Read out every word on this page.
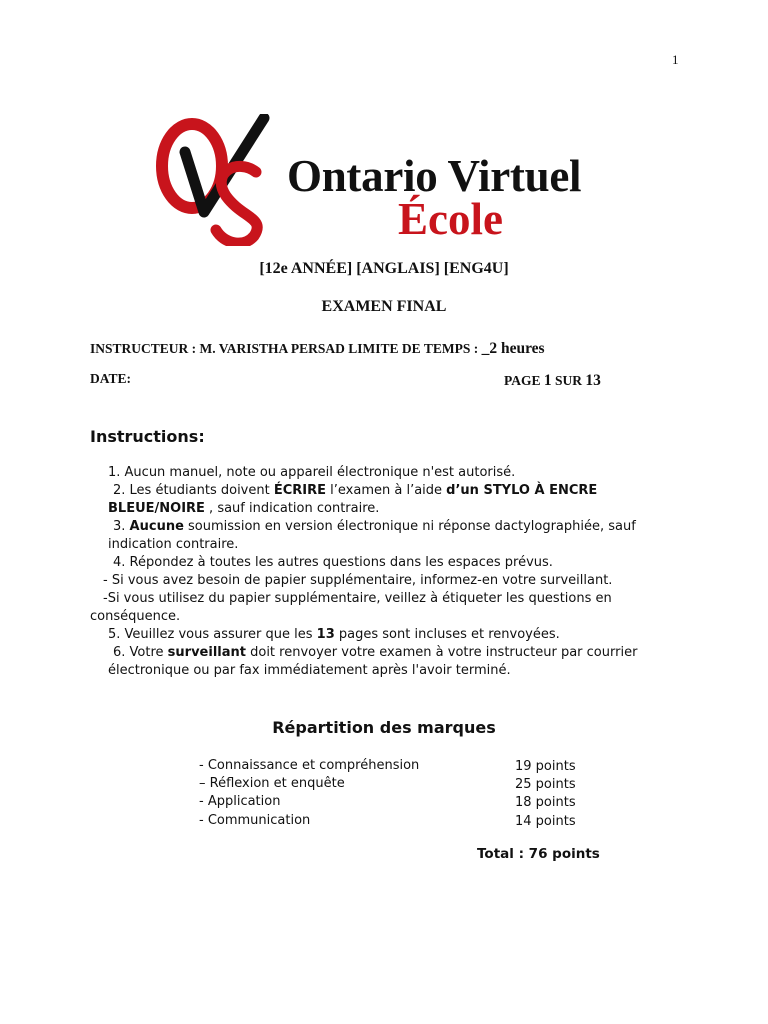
1
Ontario Virtuel
École
[12e ANNÉE] [ANGLAIS] [ENG4U]
EXAMEN FINAL
INSTRUCTEUR : M. VARISTHA PERSAD LIMITE DE TEMPS : _2 heures
DATE:	PAGE 1 SUR 13
Instructions:

1. Aucun manuel, note ou appareil électronique n'est autorisé.

2. Les étudiants doivent ÉCRIRE l’examen à l’aide d’un STYLO À ENCRE

BLEUE/NOIRE , sauf indication contraire.

3. Aucune soumission en version électronique ni réponse dactylographiée, sauf

indication contraire.

4. Répondez à toutes les autres questions dans les espaces prévus.

- Si vous avez besoin de papier supplémentaire, informez-en votre surveillant.

-Si vous utilisez du papier supplémentaire, veillez à étiqueter les questions en

conséquence.

5. Veuillez vous assurer que les 13 pages sont incluses et renvoyées.

6. Votre surveillant doit renvoyer votre examen à votre instructeur par courrier

électronique ou par fax immédiatement après l'avoir terminé.

Répartition des marques
- Connaissance et compréhension	19 points
– Réflexion et enquête	25 points
- Application	18 points
- Communication	14 points
Total : 76 points
